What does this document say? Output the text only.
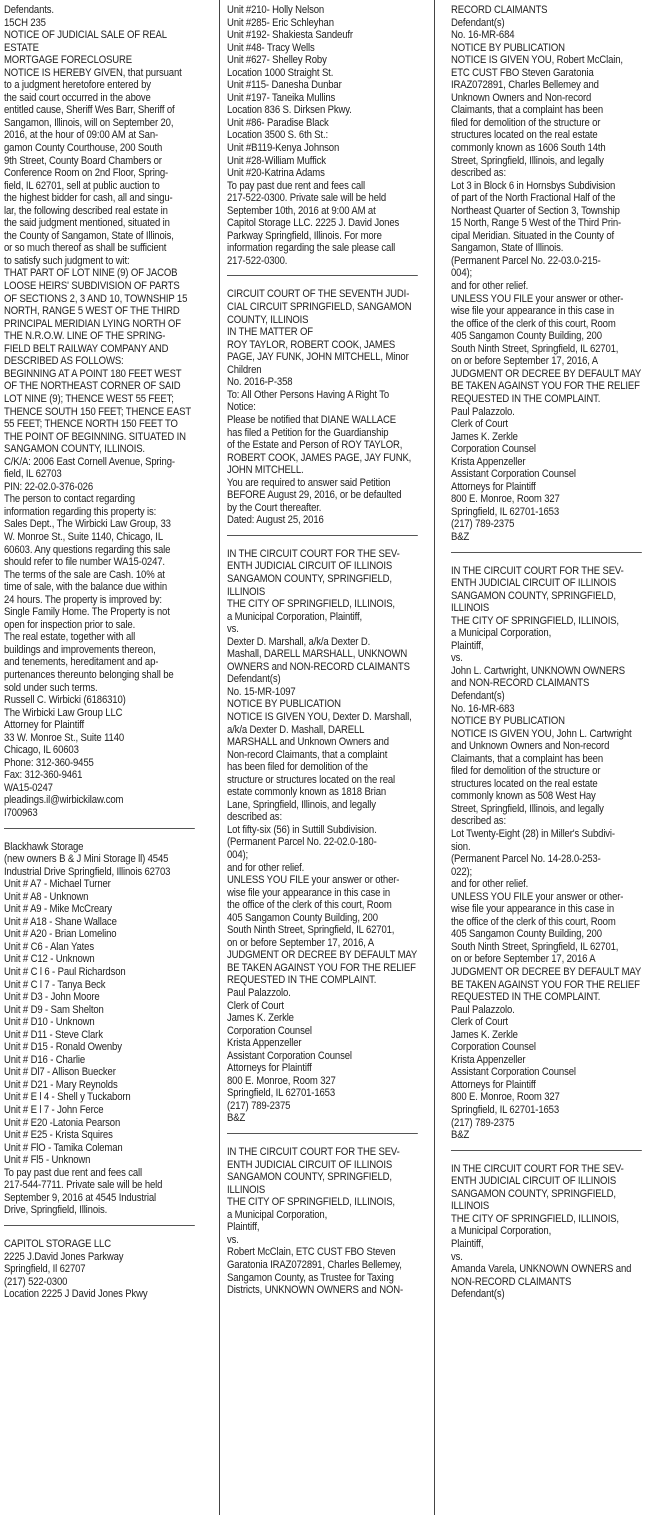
Defendants.
15CH 235
NOTICE OF JUDICIAL SALE OF REAL
ESTATE
MORTGAGE FORECLOSURE
NOTICE IS HEREBY GIVEN, that pursuant
to a judgment heretofore entered by
the said court occurred in the above
entitled cause, Sheriff Wes Barr, Sheriff of
Sangamon, Illinois, will on September 20,
2016, at the hour of 09:00 AM at San-
gamon County Courthouse, 200 South
9th Street, County Board Chambers or
Conference Room on 2nd Floor, Spring-
field, IL 62701, sell at public auction to
the highest bidder for cash, all and singu-
lar, the following described real estate in
the said judgment mentioned, situated in
the County of Sangamon, State of Illinois,
or so much thereof as shall be sufficient
to satisfy such judgment to wit:
THAT PART OF LOT NINE (9) OF JACOB
LOOSE HEIRS' SUBDIVISION OF PARTS
OF SECTIONS 2, 3 AND 10, TOWNSHIP 15
NORTH, RANGE 5 WEST OF THE THIRD
PRINCIPAL MERIDIAN LYING NORTH OF
THE N.R.O.W. LINE OF THE SPRING-
FIELD BELT RAILWAY COMPANY AND
DESCRIBED AS FOLLOWS:
BEGINNING AT A POINT 180 FEET WEST
OF THE NORTHEAST CORNER OF SAID
LOT NINE (9); THENCE WEST 55 FEET;
THENCE SOUTH 150 FEET; THENCE EAST
55 FEET; THENCE NORTH 150 FEET TO
THE POINT OF BEGINNING. SITUATED IN
SANGAMON COUNTY, ILLINOIS.
C/K/A: 2006 East Cornell Avenue, Spring-
field, IL 62703
PIN: 22-02.0-376-026
The person to contact regarding
information regarding this property is:
Sales Dept., The Wirbicki Law Group, 33
W. Monroe St., Suite 1140, Chicago, IL
60603. Any questions regarding this sale
should refer to file number WA15-0247.
The terms of the sale are Cash. 10% at
time of sale, with the balance due within
24 hours. The property is improved by:
Single Family Home. The Property is not
open for inspection prior to sale.
The real estate, together with all
buildings and improvements thereon,
and tenements, hereditament and ap-
purtenances thereunto belonging shall be
sold under such terms.
Russell C. Wirbicki (6186310)
The Wirbicki Law Group LLC
Attorney for Plaintiff
33 W. Monroe St., Suite 1140
Chicago, IL 60603
Phone: 312-360-9455
Fax: 312-360-9461
WA15-0247
pleadings.il@wirbickilaw.com
I700963
Blackhawk Storage
(new owners B & J Mini Storage ll) 4545
Industrial Drive Springfield, Illinois 62703
Unit # A7 - Michael Turner
Unit # A8 - Unknown
Unit # A9 - Mike McCreary
Unit # A18 - Shane Wallace
Unit # A20 - Brian Lomelino
Unit # C6 - Alan Yates
Unit # C12 - Unknown
Unit # C l 6 - Paul Richardson
Unit # C l 7 - Tanya Beck
Unit # D3 - John Moore
Unit # D9 - Sam Shelton
Unit # D10 - Unknown
Unit # D11 - Steve Clark
Unit # D15 - Ronald Owenby
Unit # D16 - Charlie
Unit # Dl7 - Allison Buecker
Unit # D21 - Mary Reynolds
Unit # E l 4 - Shell y Tuckaborn
Unit # E l 7 - John Ferce
Unit # E20 -Latonia Pearson
Unit # E25 - Krista Squires
Unit # FlO - Tamika Coleman
Unit # Fl5 - Unknown
To pay past due rent and fees call
217-544-7711. Private sale will be held
September 9, 2016 at 4545 Industrial
Drive, Springfield, Illinois.
CAPITOL STORAGE LLC
2225 J.David Jones Parkway
Springfield, Il 62707
(217) 522-0300
Location 2225 J David Jones Pkwy
Unit #210- Holly Nelson
Unit #285- Eric Schleyhan
Unit #192- Shakiesta Sandeufr
Unit #48- Tracy Wells
Unit #627- Shelley Roby
Location 1000 Straight St.
Unit #115- Danesha Dunbar
Unit #197- Taneika Mullins
Location 836 S. Dirksen Pkwy.
Unit #86- Paradise Black
Location 3500 S. 6th St.:
Unit #B119-Kenya Johnson
Unit #28-William Muffick
Unit #20-Katrina Adams
To pay past due rent and fees call
217-522-0300. Private sale will be held
September 10th, 2016 at 9:00 AM at
Capitol Storage LLC. 2225 J. David Jones
Parkway Springfield, Illinois. For more
information regarding the sale please call
217-522-0300.
CIRCUIT COURT OF THE SEVENTH JUDI-
CIAL CIRCUIT SPRINGFIELD, SANGAMON
COUNTY, ILLINOIS
IN THE MATTER OF
ROY TAYLOR, ROBERT COOK, JAMES
PAGE, JAY FUNK, JOHN MITCHELL, Minor
Children
No. 2016-P-358
To: All Other Persons Having A Right To
Notice:
Please be notified that DIANE WALLACE
has filed a Petition for the Guardianship
of the Estate and Person of ROY TAYLOR,
ROBERT COOK, JAMES PAGE, JAY FUNK,
JOHN MITCHELL.
You are required to answer said Petition
BEFORE August 29, 2016, or be defaulted
by the Court thereafter.
Dated: August 25, 2016
IN THE CIRCUIT COURT FOR THE SEV-
ENTH JUDICIAL CIRCUIT OF ILLINOIS
SANGAMON COUNTY, SPRINGFIELD,
ILLINOIS
THE CITY OF SPRINGFIELD, ILLINOIS,
a Municipal Corporation, Plaintiff,
vs.
Dexter D. Marshall, a/k/a Dexter D.
Mashall, DARELL MARSHALL, UNKNOWN
OWNERS and NON-RECORD CLAIMANTS
Defendant(s)
No. 15-MR-1097
NOTICE BY PUBLICATION
NOTICE IS GIVEN YOU, Dexter D. Marshall,
a/k/a Dexter D. Mashall, DARELL
MARSHALL and Unknown Owners and
Non-record Claimants, that a complaint
has been filed for demolition of the
structure or structures located on the real
estate commonly known as 1818 Brian
Lane, Springfield, Illinois, and legally
described as:
Lot fifty-six (56) in Suttill Subdivision.
(Permanent Parcel No. 22-02.0-180-
004);
and for other relief.
UNLESS YOU FILE your answer or other-
wise file your appearance in this case in
the office of the clerk of this court, Room
405 Sangamon County Building, 200
South Ninth Street, Springfield, IL 62701,
on or before September 17, 2016, A
JUDGMENT OR DECREE BY DEFAULT MAY
BE TAKEN AGAINST YOU FOR THE RELIEF
REQUESTED IN THE COMPLAINT.
Paul Palazzolo.
Clerk of Court
James K. Zerkle
Corporation Counsel
Krista Appenzeller
Assistant Corporation Counsel
Attorneys for Plaintiff
800 E. Monroe, Room 327
Springfield, IL 62701-1653
(217) 789-2375
B&Z
IN THE CIRCUIT COURT FOR THE SEV-
ENTH JUDICIAL CIRCUIT OF ILLINOIS
SANGAMON COUNTY, SPRINGFIELD,
ILLINOIS
THE CITY OF SPRINGFIELD, ILLINOIS,
a Municipal Corporation,
Plaintiff,
vs.
Robert McClain, ETC CUST FBO Steven
Garatonia IRAZ072891, Charles Bellemey,
Sangamon County, as Trustee for Taxing
Districts, UNKNOWN OWNERS and NON-
RECORD CLAIMANTS
Defendant(s)
No. 16-MR-684
NOTICE BY PUBLICATION
NOTICE IS GIVEN YOU, Robert McClain,
ETC CUST FBO Steven Garatonia
IRAZ072891, Charles Bellemey and
Unknown Owners and Non-record
Claimants, that a complaint has been
filed for demolition of the structure or
structures located on the real estate
commonly known as 1606 South 14th
Street, Springfield, Illinois, and legally
described as:
Lot 3 in Block 6 in Hornsbys Subdivision
of part of the North Fractional Half of the
Northeast Quarter of Section 3, Township
15 North, Range 5 West of the Third Prin-
cipal Meridian. Situated in the County of
Sangamon, State of Illinois.
(Permanent Parcel No. 22-03.0-215-
004);
and for other relief.
UNLESS YOU FILE your answer or other-
wise file your appearance in this case in
the office of the clerk of this court, Room
405 Sangamon County Building, 200
South Ninth Street, Springfield, IL 62701,
on or before September 17, 2016, A
JUDGMENT OR DECREE BY DEFAULT MAY
BE TAKEN AGAINST YOU FOR THE RELIEF
REQUESTED IN THE COMPLAINT.
Paul Palazzolo.
Clerk of Court
James K. Zerkle
Corporation Counsel
Krista Appenzeller
Assistant Corporation Counsel
Attorneys for Plaintiff
800 E. Monroe, Room 327
Springfield, IL 62701-1653
(217) 789-2375
B&Z
IN THE CIRCUIT COURT FOR THE SEV-
ENTH JUDICIAL CIRCUIT OF ILLINOIS
SANGAMON COUNTY, SPRINGFIELD,
ILLINOIS
THE CITY OF SPRINGFIELD, ILLINOIS,
a Municipal Corporation,
Plaintiff,
vs.
John L. Cartwright, UNKNOWN OWNERS
and NON-RECORD CLAIMANTS
Defendant(s)
No. 16-MR-683
NOTICE BY PUBLICATION
NOTICE IS GIVEN YOU, John L. Cartwright
and Unknown Owners and Non-record
Claimants, that a complaint has been
filed for demolition of the structure or
structures located on the real estate
commonly known as 508 West Hay
Street, Springfield, Illinois, and legally
described as:
Lot Twenty-Eight (28) in Miller's Subdivi-
sion.
(Permanent Parcel No. 14-28.0-253-
022);
and for other relief.
UNLESS YOU FILE your answer or other-
wise file your appearance in this case in
the office of the clerk of this court, Room
405 Sangamon County Building, 200
South Ninth Street, Springfield, IL 62701,
on or before September 17, 2016 A
JUDGMENT OR DECREE BY DEFAULT MAY
BE TAKEN AGAINST YOU FOR THE RELIEF
REQUESTED IN THE COMPLAINT.
Paul Palazzolo.
Clerk of Court
James K. Zerkle
Corporation Counsel
Krista Appenzeller
Assistant Corporation Counsel
Attorneys for Plaintiff
800 E. Monroe, Room 327
Springfield, IL 62701-1653
(217) 789-2375
B&Z
IN THE CIRCUIT COURT FOR THE SEV-
ENTH JUDICIAL CIRCUIT OF ILLINOIS
SANGAMON COUNTY, SPRINGFIELD,
ILLINOIS
THE CITY OF SPRINGFIELD, ILLINOIS,
a Municipal Corporation,
Plaintiff,
vs.
Amanda Varela, UNKNOWN OWNERS and
NON-RECORD CLAIMANTS
Defendant(s)
